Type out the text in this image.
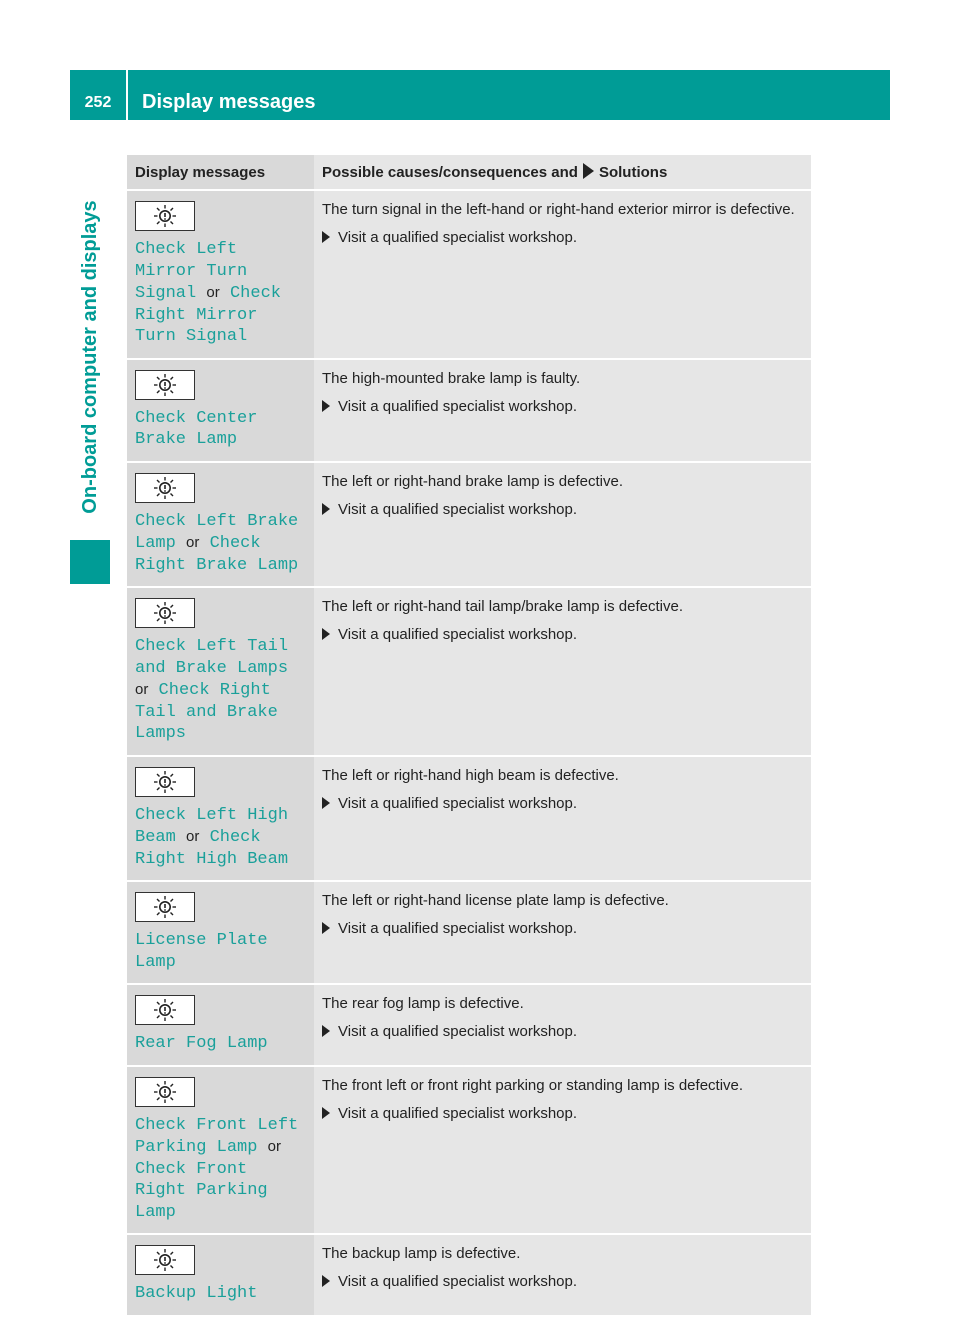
252	Display messages
On-board computer and displays
Display messages	Possible causes/consequences and Solutions

Check Left Mirror Turn Signal or Check Right Mirror Turn Signal	The turn signal in the left-hand or right-hand exterior mirror is defective.

Visit a qualified specialist workshop.

Check Center Brake Lamp	The high-mounted brake lamp is faulty.

Visit a qualified specialist workshop.

Check Left Brake Lamp or Check Right Brake Lamp	The left or right-hand brake lamp is defective.

Visit a qualified specialist workshop.

Check Left Tail and Brake Lamps or Check Right Tail and Brake Lamps	The left or right-hand tail lamp/brake lamp is defective.

Visit a qualified specialist workshop.

Check Left High Beam or Check Right High Beam	The left or right-hand high beam is defective.

Visit a qualified specialist workshop.

License Plate Lamp	The left or right-hand license plate lamp is defective.

Visit a qualified specialist workshop.

Rear Fog Lamp	The rear fog lamp is defective.

Visit a qualified specialist workshop.

Check Front Left Parking Lamp or Check Front Right Parking Lamp	The front left or front right parking or standing lamp is defective.

Visit a qualified specialist workshop.

Backup Light	The backup lamp is defective.

Visit a qualified specialist workshop.
